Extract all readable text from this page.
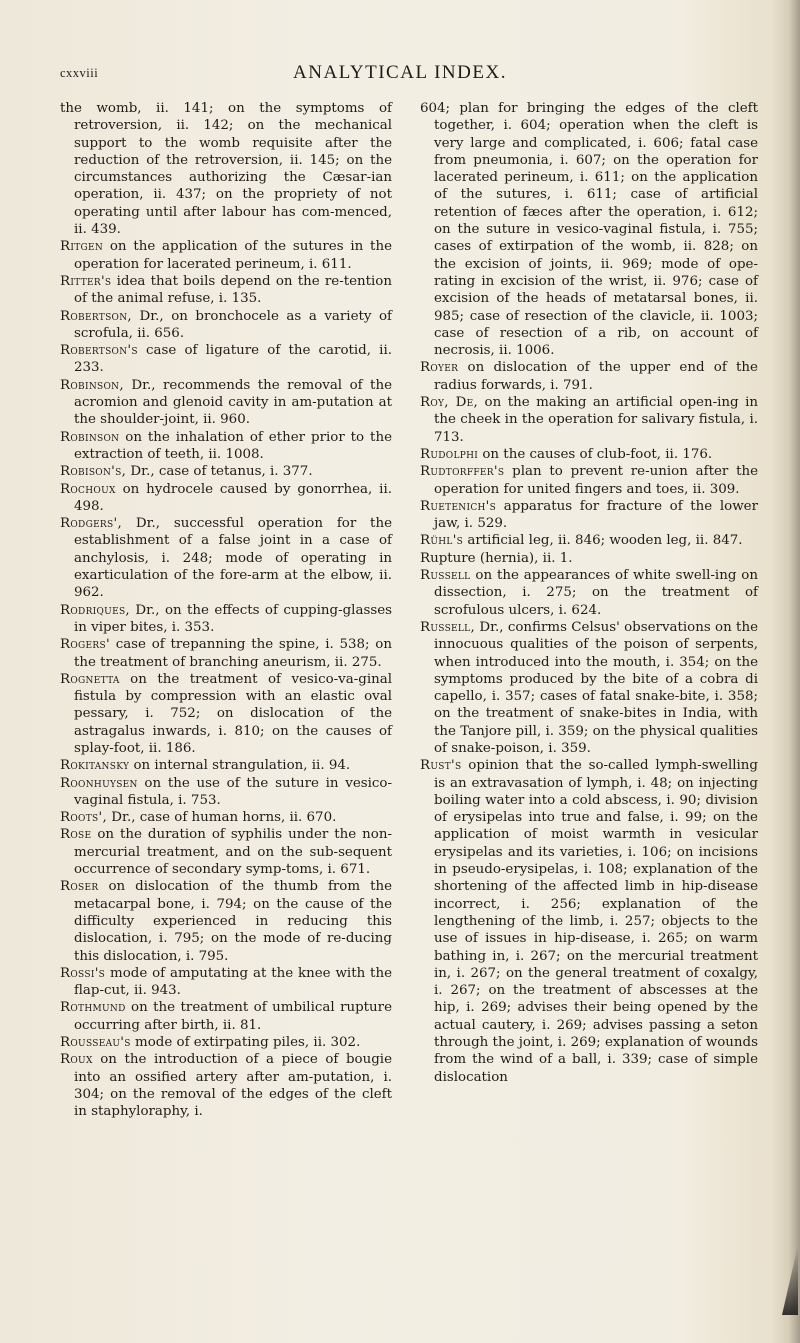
cxxviii	ANALYTICAL INDEX.

the womb, ii. 141; on the symptoms of retroversion, ii. 142; on the mechanical support to the womb requisite after the reduction of the retroversion, ii. 145; on the circumstances authorizing the Cæsar-ian operation, ii. 437; on the propriety of not operating until after labour has com-menced, ii. 439.

Ritgen on the application of the sutures in the operation for lacerated perineum, i. 611.

Ritter's idea that boils depend on the re-tention of the animal refuse, i. 135.

Robertson, Dr., on bronchocele as a variety of scrofula, ii. 656.

Robertson's case of ligature of the carotid, ii. 233.

Robinson, Dr., recommends the removal of the acromion and glenoid cavity in am-putation at the shoulder-joint, ii. 960.

Robinson on the inhalation of ether prior to the extraction of teeth, ii. 1008.

Robison's, Dr., case of tetanus, i. 377.

Rochoux on hydrocele caused by gonorrhea, ii. 498.

Rodgers', Dr., successful operation for the establishment of a false joint in a case of anchylosis, i. 248; mode of operating in exarticulation of the fore-arm at the elbow, ii. 962.

Rodriques, Dr., on the effects of cupping-glasses in viper bites, i. 353.

Rogers' case of trepanning the spine, i. 538; on the treatment of branching aneurism, ii. 275.

Rognetta on the treatment of vesico-va-ginal fistula by compression with an elastic oval pessary, i. 752; on dislocation of the astragalus inwards, i. 810; on the causes of splay-foot, ii. 186.

Rokitansky on internal strangulation, ii. 94.

Roonhuysen on the use of the suture in vesico-vaginal fistula, i. 753.

Roots', Dr., case of human horns, ii. 670.

Rose on the duration of syphilis under the non-mercurial treatment, and on the sub-sequent occurrence of secondary symp-toms, i. 671.

Roser on dislocation of the thumb from the metacarpal bone, i. 794; on the cause of the difficulty experienced in reducing this dislocation, i. 795; on the mode of re-ducing this dislocation, i. 795.

Rossi's mode of amputating at the knee with the flap-cut, ii. 943.

Rothmund on the treatment of umbilical rupture occurring after birth, ii. 81.

Rousseau's mode of extirpating piles, ii. 302.

Roux on the introduction of a piece of bougie into an ossified artery after am-putation, i. 304; on the removal of the edges of the cleft in staphyloraphy, i.

604; plan for bringing the edges of the cleft together, i. 604; operation when the cleft is very large and complicated, i. 606; fatal case from pneumonia, i. 607; on the operation for lacerated perineum, i. 611; on the application of the sutures, i. 611; case of artificial retention of fæces after the operation, i. 612; on the suture in vesico-vaginal fistula, i. 755; cases of extirpation of the womb, ii. 828; on the excision of joints, ii. 969; mode of ope-rating in excision of the wrist, ii. 976; case of excision of the heads of metatarsal bones, ii. 985; case of resection of the clavicle, ii. 1003; case of resection of a rib, on account of necrosis, ii. 1006.

Royer on dislocation of the upper end of the radius forwards, i. 791.

Roy, De, on the making an artificial open-ing in the cheek in the operation for salivary fistula, i. 713.

Rudolphi on the causes of club-foot, ii. 176.

Rudtorffer's plan to prevent re-union after the operation for united fingers and toes, ii. 309.

Ruetenich's apparatus for fracture of the lower jaw, i. 529.

Rühl's artificial leg, ii. 846; wooden leg, ii. 847.

Rupture (hernia), ii. 1.

Russell on the appearances of white swell-ing on dissection, i. 275; on the treatment of scrofulous ulcers, i. 624.

Russell, Dr., confirms Celsus' observations on the innocuous qualities of the poison of serpents, when introduced into the mouth, i. 354; on the symptoms produced by the bite of a cobra di capello, i. 357; cases of fatal snake-bite, i. 358; on the treatment of snake-bites in India, with the Tanjore pill, i. 359; on the physical qualities of snake-poison, i. 359.

Rust's opinion that the so-called lymph-swelling is an extravasation of lymph, i. 48; on injecting boiling water into a cold abscess, i. 90; division of erysipelas into true and false, i. 99; on the application of moist warmth in vesicular erysipelas and its varieties, i. 106; on incisions in pseudo-erysipelas, i. 108; explanation of the shortening of the affected limb in hip-disease incorrect, i. 256; explanation of the lengthening of the limb, i. 257; objects to the use of issues in hip-disease, i. 265; on warm bathing in, i. 267; on the mercurial treatment in, i. 267; on the general treatment of coxalgy, i. 267; on the treatment of abscesses at the hip, i. 269; advises their being opened by the actual cautery, i. 269; advises passing a seton through the joint, i. 269; explanation of wounds from the wind of a ball, i. 339; case of simple dislocation
